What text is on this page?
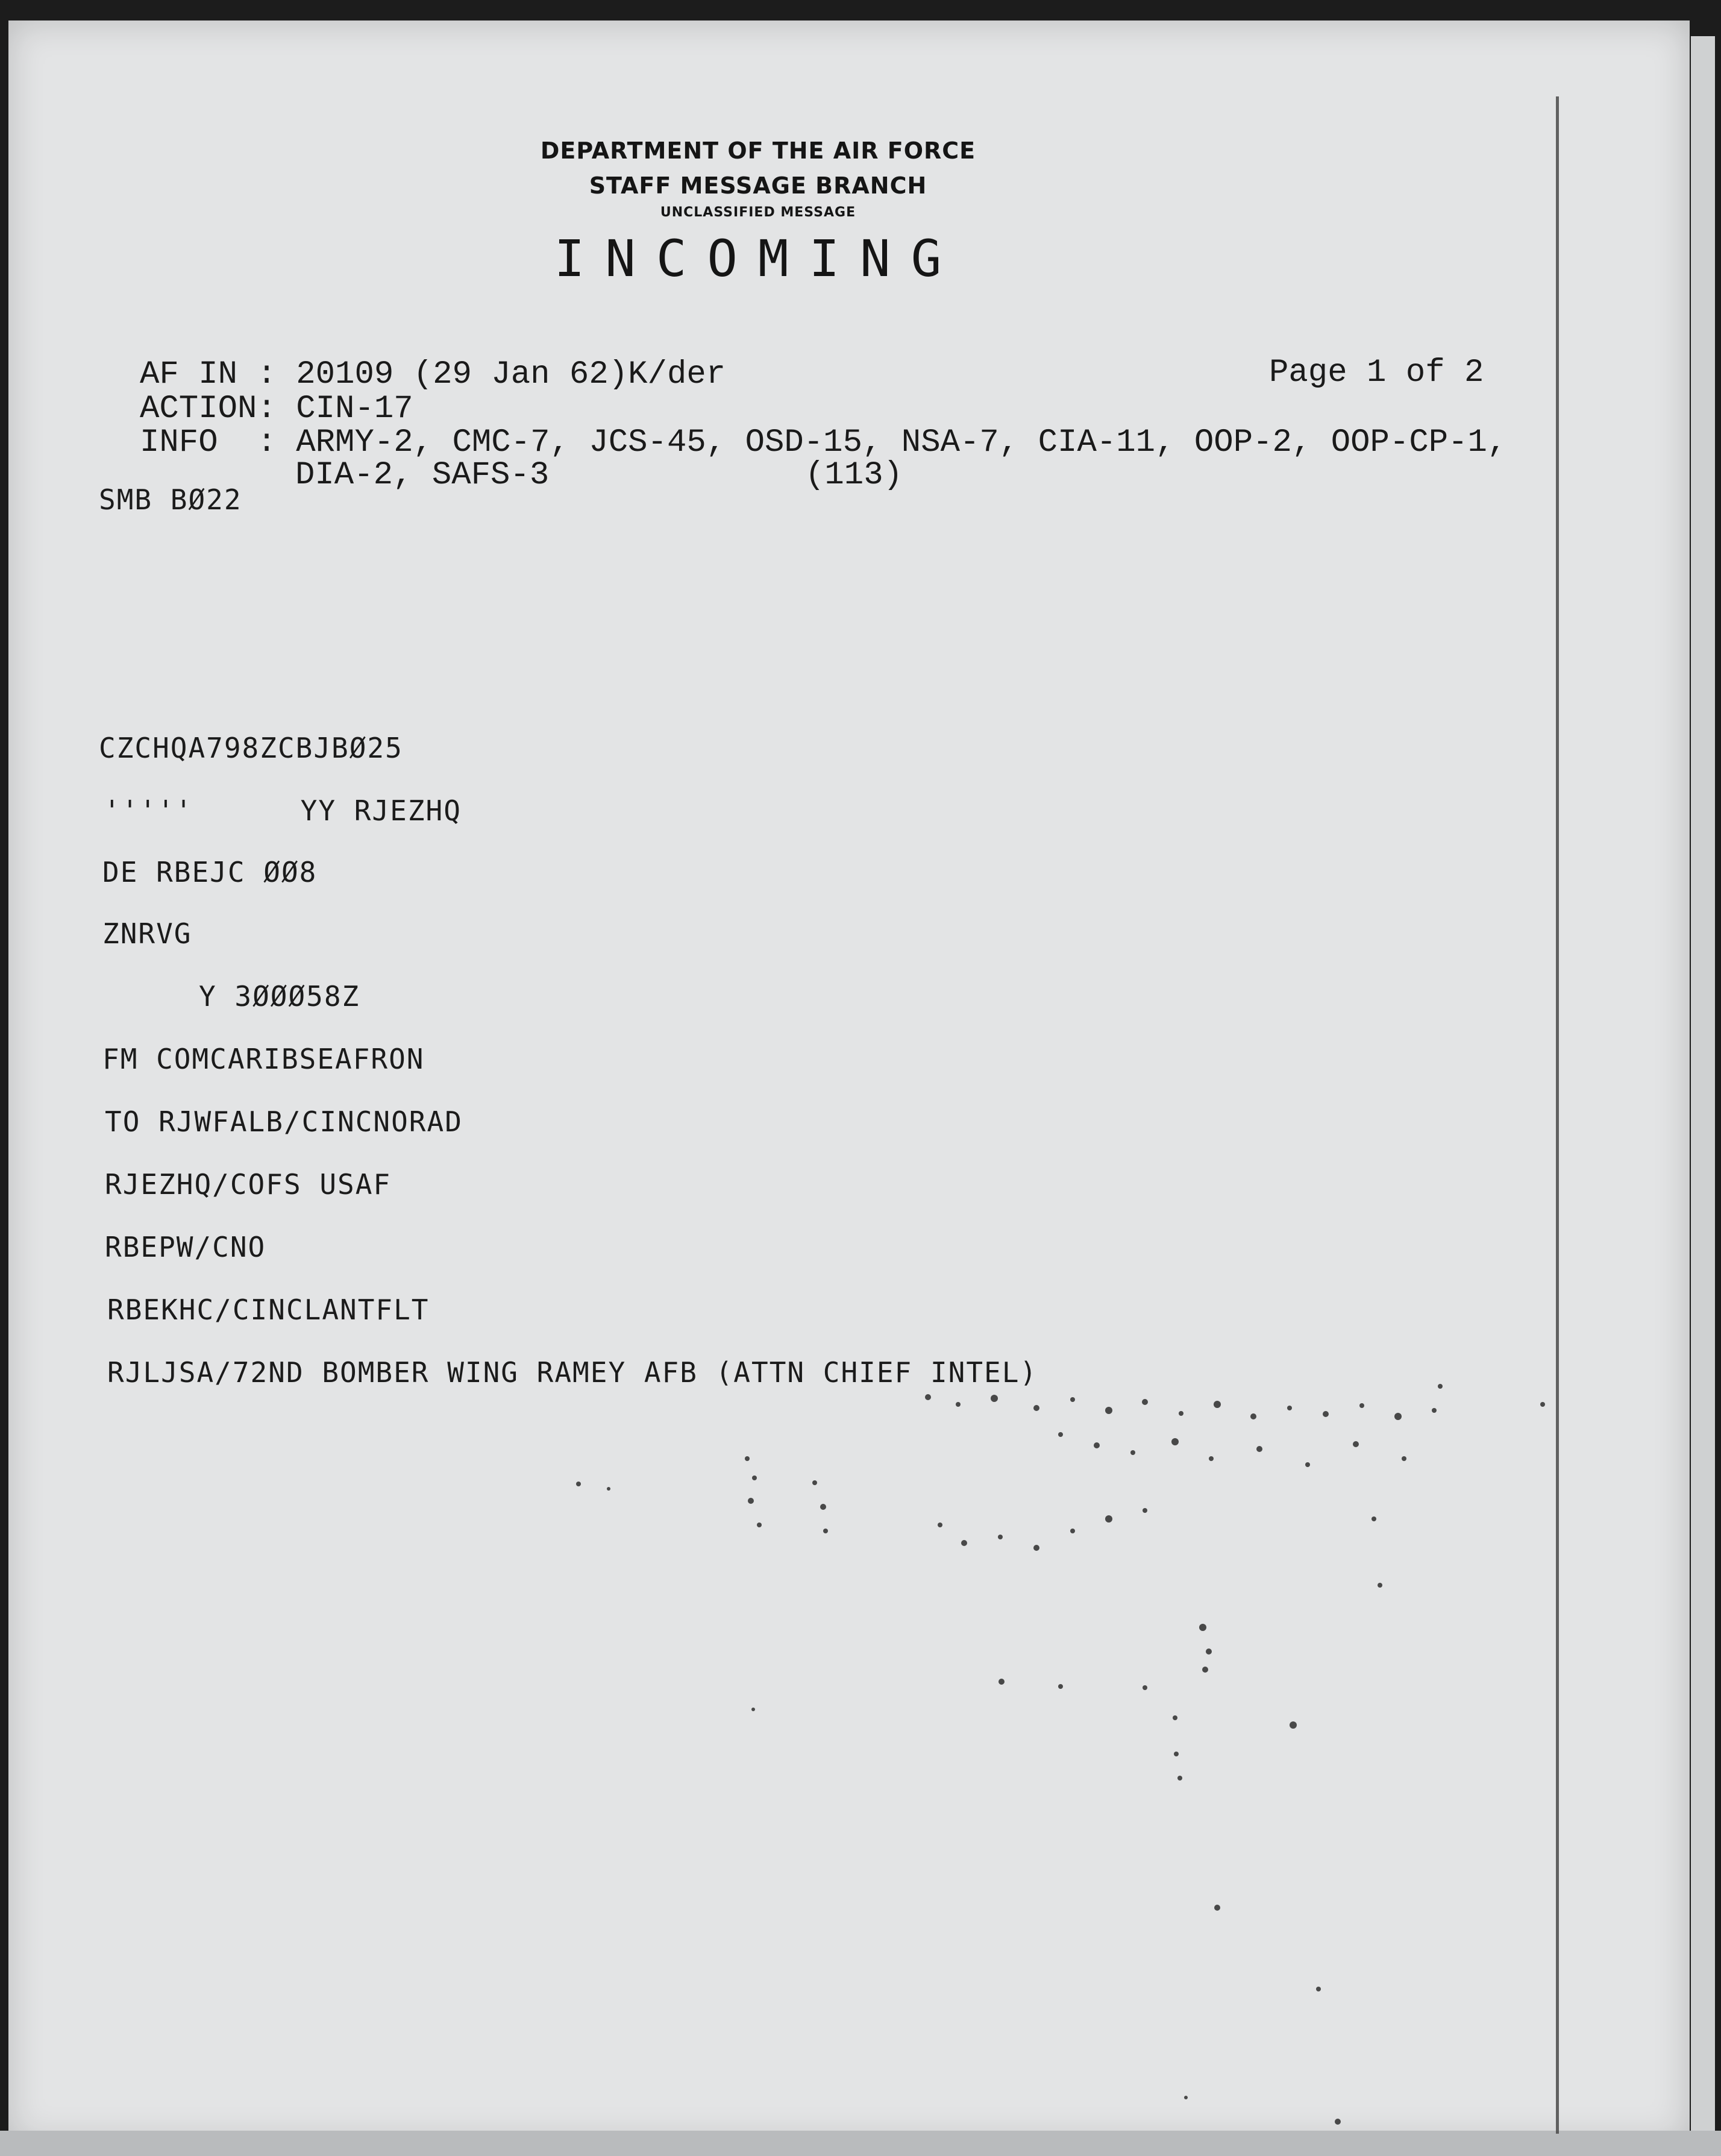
DEPARTMENT OF THE AIR FORCE
STAFF MESSAGE BRANCH
UNCLASSIFIED MESSAGE
INCOMING
AF IN : 20109 (29 Jan 62)K/der	Page 1 of 2
ACTION: CIN-17
INFO  : ARMY-2, CMC-7, JCS-45, OSD-15, NSA-7, CIA-11, OOP-2, OOP-CP-1,
DIA-2, SAFS-3	(113)
SMB BØ22
CZCHQA798ZCBJBØ25
'''''      YY RJEZHQ
DE RBEJC ØØ8
ZNRVG
Y 3ØØØ58Z
FM COMCARIBSEAFRON
TO RJWFALB/CINCNORAD
RJEZHQ/COFS USAF
RBEPW/CNO
RBEKHC/CINCLANTFLT
RJLJSA/72ND BOMBER WING RAMEY AFB (ATTN CHIEF INTEL)
